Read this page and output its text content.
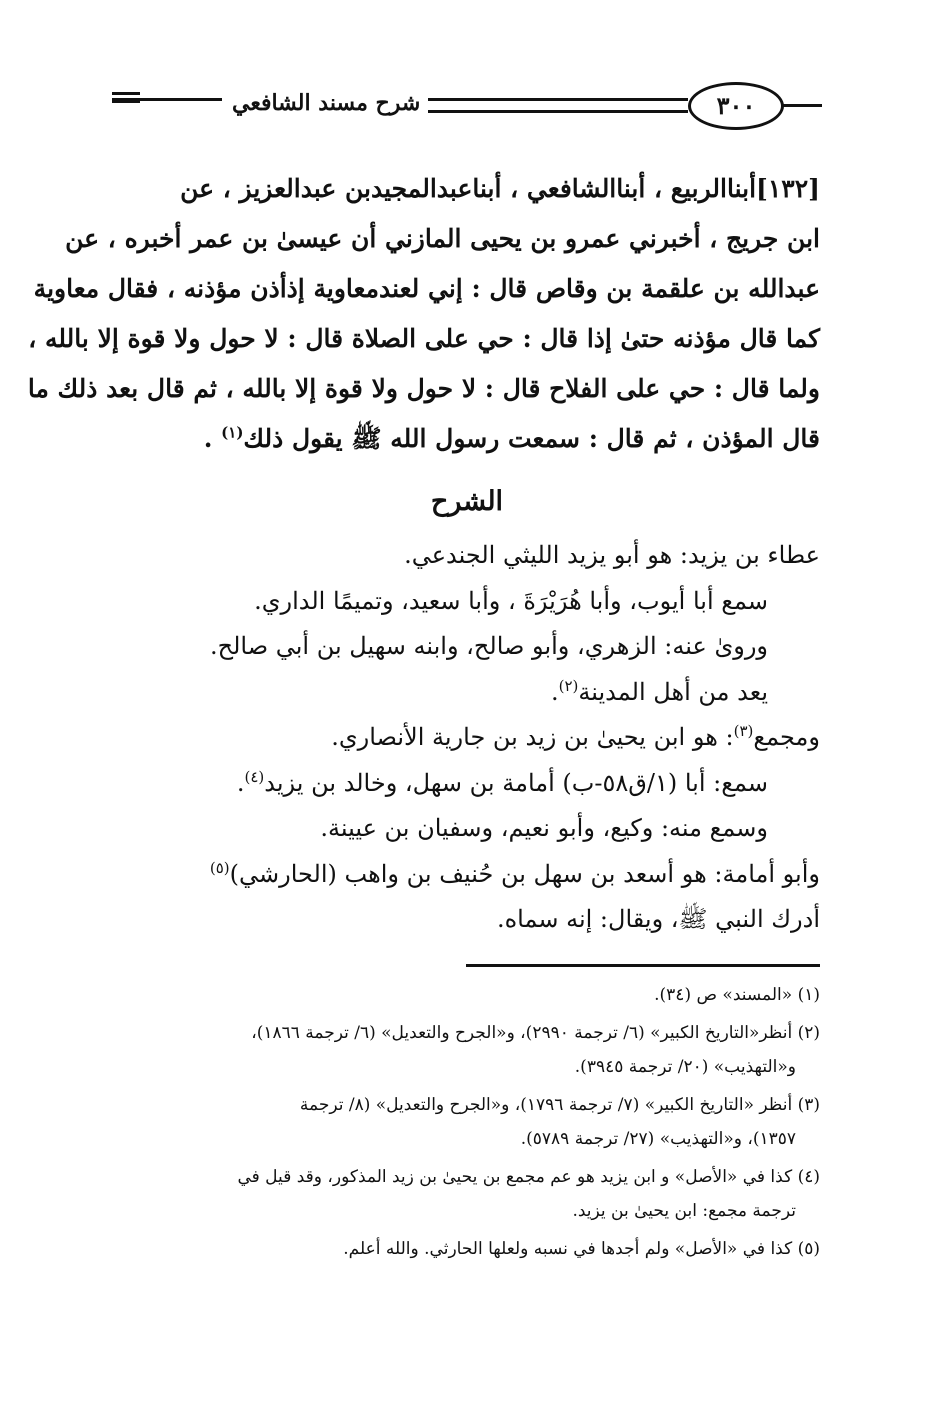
شرح مسند الشافعي	٣٠٠

[١٣٢]أبناالربيع ، أبناالشافعي ، أبناعبدالمجيدبن عبدالعزيز ، عن

ابن جريج ، أخبرني عمرو بن يحيى المازني أن عيسىٰ بن عمر أخبره ، عن

عبدالله بن علقمة بن وقاص قال : إني لعندمعاوية إذأذن مؤذنه ، فقال معاوية

كما قال مؤذنه حتىٰ إذا قال : حي على الصلاة قال : لا حول ولا قوة إلا بالله ،

ولما قال : حي على الفلاح قال : لا حول ولا قوة إلا بالله ، ثم قال بعد ذلك ما

قال المؤذن ، ثم قال : سمعت رسول الله ﷺ يقول ذلك$^{(١)}$ .

الشرح

عطاء بن يزيد: هو أبو يزيد الليثي الجندعي.

سمع أبا أيوب، وأبا هُرَيْرَةَ ، وأبا سعيد، وتميمًا الداري.

وروىٰ عنه: الزهري، وأبو صالح، وابنه سهيل بن أبي صالح.

يعد من أهل المدينة$^{(٢)}$.

ومجمع$^{(٣)}$: هو ابن يحيىٰ بن زيد بن جارية الأنصاري.

سمع: أبا (١/ق٥٨-ب) أمامة بن سهل، وخالد بن يزيد$^{(٤)}$.

وسمع منه: وكيع، وأبو نعيم، وسفيان بن عيينة.

وأبو أمامة: هو أسعد بن سهل بن حُنيف بن واهب (الحارشي)$^{(٥)}$

أدرك النبي ﷺ، ويقال: إنه سماه.

(١) «المسند» ص (٣٤).

(٢) أنظر«التاريخ الكبير» (٦/ ترجمة ٢٩٩٠)، و«الجرح والتعديل» (٦/ ترجمة ١٨٦٦)،
و«التهذيب» (٢٠/ ترجمة ٣٩٤٥).
(٣) أنظر «التاريخ الكبير» (٧/ ترجمة ١٧٩٦)، و«الجرح والتعديل» (٨/ ترجمة
١٣٥٧)، و«التهذيب» (٢٧/ ترجمة ٥٧٨٩).
(٤) كذا في «الأصل» و ابن يزيد هو عم مجمع بن يحيىٰ بن زيد المذكور، وقد قيل في
ترجمة مجمع: ابن يحيىٰ بن يزيد.

(٥) كذا في «الأصل» ولم أجدها في نسبه ولعلها الحارثي. والله أعلم.
